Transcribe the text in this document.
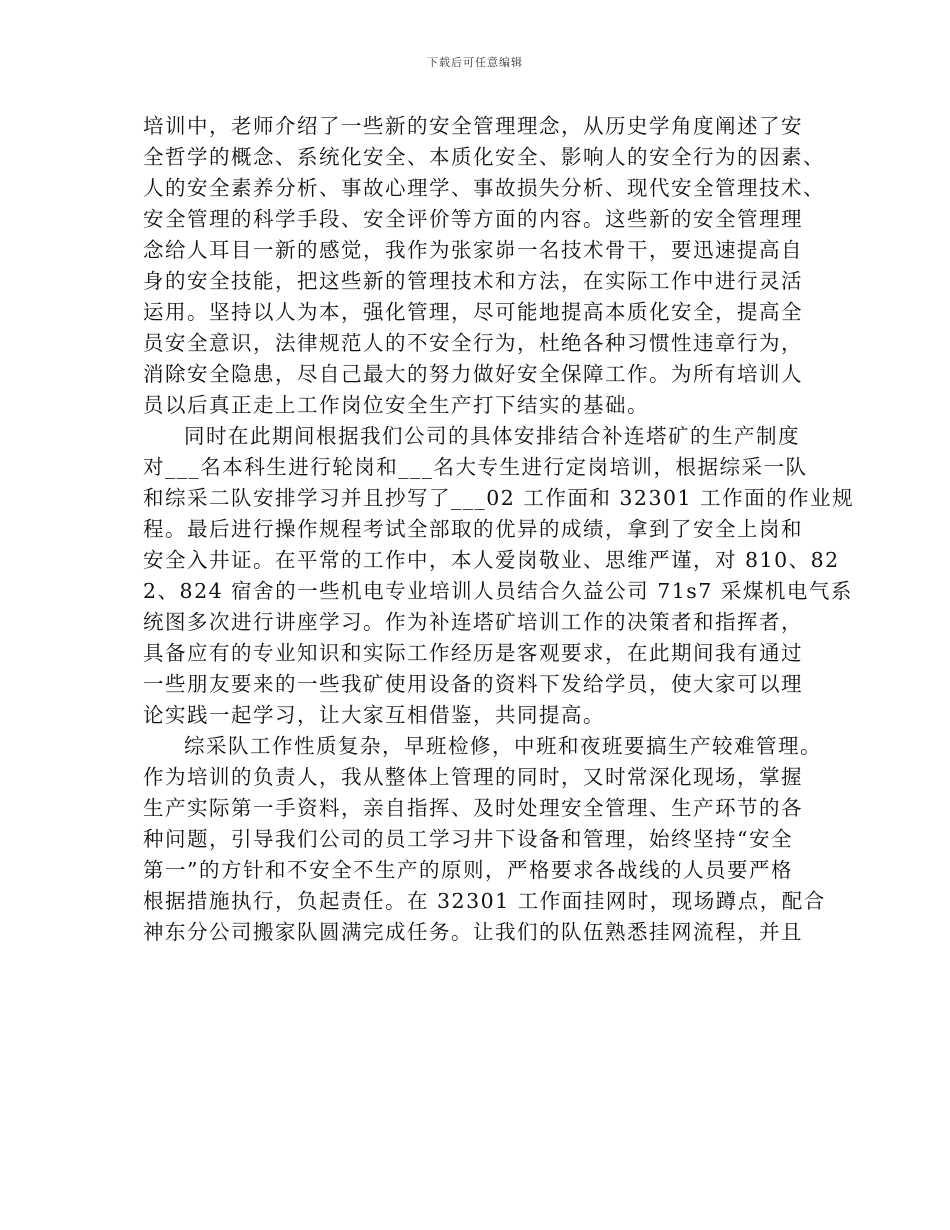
下载后可任意编辑
培训中，老师介绍了一些新的安全管理理念，从历史学角度阐述了安
全哲学的概念、系统化安全、本质化安全、影响人的安全行为的因素、
人的安全素养分析、事故心理学、事故损失分析、现代安全管理技术、
安全管理的科学手段、安全评价等方面的内容。这些新的安全管理理
念给人耳目一新的感觉，我作为张家峁一名技术骨干，要迅速提高自
身的安全技能，把这些新的管理技术和方法，在实际工作中进行灵活
运用。坚持以人为本，强化管理，尽可能地提高本质化安全，提高全
员安全意识，法律规范人的不安全行为，杜绝各种习惯性违章行为，
消除安全隐患，尽自己最大的努力做好安全保障工作。为所有培训人
员以后真正走上工作岗位安全生产打下结实的基础。
同时在此期间根据我们公司的具体安排结合补连塔矿的生产制度
对___名本科生进行轮岗和___名大专生进行定岗培训，根据综采一队
和综采二队安排学习并且抄写了___02 工作面和 32301 工作面的作业规
程。最后进行操作规程考试全部取的优异的成绩，拿到了安全上岗和
安全入井证。在平常的工作中，本人爱岗敬业、思维严谨，对 810、82
2、824 宿舍的一些机电专业培训人员结合久益公司 71s7 采煤机电气系
统图多次进行讲座学习。作为补连塔矿培训工作的决策者和指挥者，
具备应有的专业知识和实际工作经历是客观要求，在此期间我有通过
一些朋友要来的一些我矿使用设备的资料下发给学员，使大家可以理
论实践一起学习，让大家互相借鉴，共同提高。
综采队工作性质复杂，早班检修，中班和夜班要搞生产较难管理。
作为培训的负责人，我从整体上管理的同时，又时常深化现场，掌握
生产实际第一手资料，亲自指挥、及时处理安全管理、生产环节的各
种问题，引导我们公司的员工学习井下设备和管理，始终坚持“安全
第一”的方针和不安全不生产的原则，严格要求各战线的人员要严格
根据措施执行，负起责任。在 32301 工作面挂网时，现场蹲点，配合
神东分公司搬家队圆满完成任务。让我们的队伍熟悉挂网流程，并且
